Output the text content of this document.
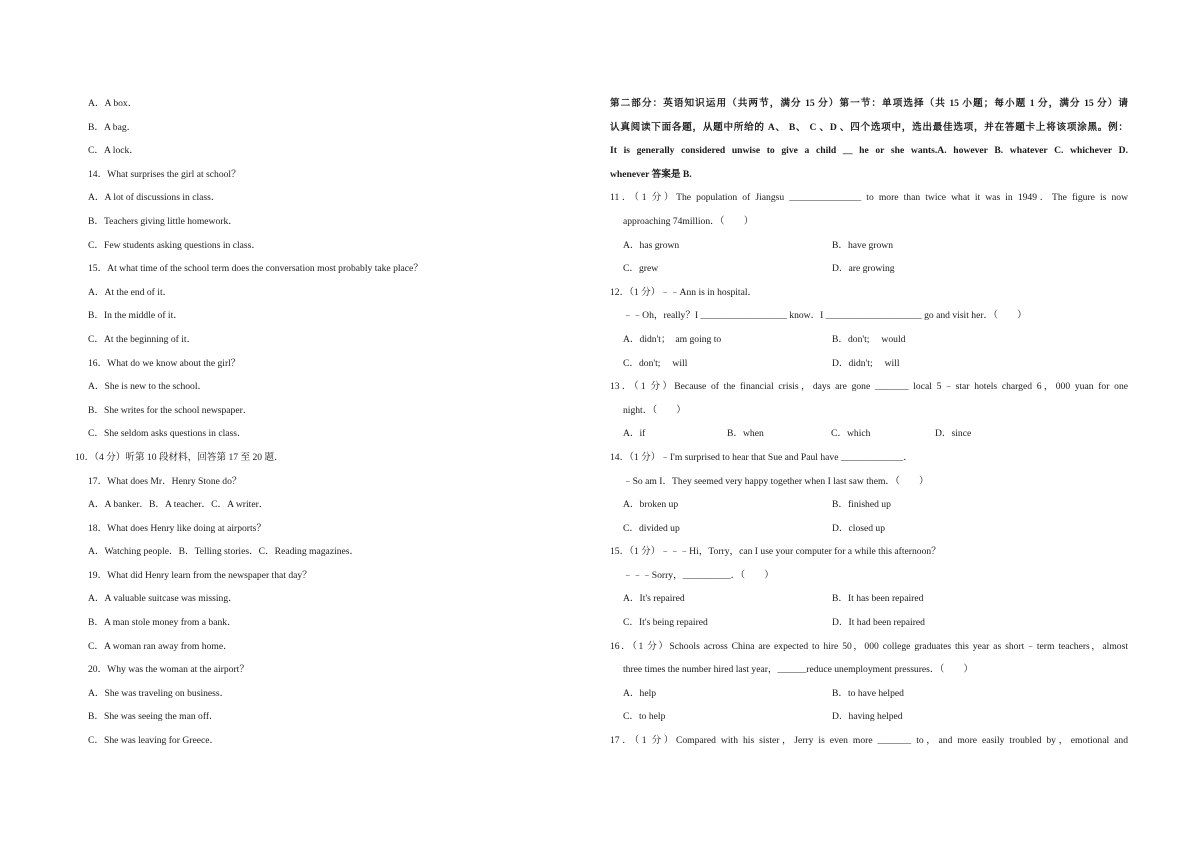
A．A box．
B．A bag．
C．A lock．
14．What surprises the girl at school？
A．A lot of discussions in class．
B．Teachers giving little homework．
C．Few students asking questions in class．
15．At what time of the school term does the conversation most probably take place？
A．At the end of it．
B．In the middle of it．
C．At the beginning of it．
16．What do we know about the girl？
A．She is new to the school．
B．She writes for the school newspaper．
C．She seldom asks questions in class．
10．（4 分）听第 10 段材料，回答第 17 至 20 题．
17．What does Mr．Henry Stone do？
A．A banker．B．A teacher．C．A writer．
18．What does Henry like doing at airports？
A．Watching people．B．Telling stories．C．Reading magazines．
19．What did Henry learn from the newspaper that day？
A．A valuable suitcase was missing．
B．A man stole money from a bank．
C．A woman ran away from home．
20．Why was the woman at the airport？
A．She was traveling on business．
B．She was seeing the man off．
C．She was leaving for Greece．
第二部分：英语知识运用（共两节，满分 15 分）第一节：单项选择（共 15 小题；每小题 1 分，满分 15 分）请
认真阅读下面各题，从题中所给的 A、 B、 C 、D 、四个选项中，选出最佳选项，并在答题卡上将该项涂黑。例：
It is generally considered unwise to give a child __ he or she wants.A. however B. whatever C. whichever D.
whenever 答案是 B.
11．（1 分）The population of Jiangsu _______________ to more than twice what it was in 1949．The figure is now
approaching 74million．（　　）
A．has grown	B．have grown
C．grew	D．are growing
12．（1 分）﹣﹣Ann is in hospital．
﹣﹣Oh，really？I __________________ know．I ____________________ go and visit her．（　　）
A．didn't；　am going to	B．don't;　 would
C．don't;　 will	D．didn't;　 will
13．（1 分）Because of the financial crisis，days are gone _______ local 5﹣star hotels charged 6，000 yuan for one
night．（　　）
A．if	B．when	C．which	D．since
14．（1 分）﹣I'm surprised to hear that Sue and Paul have _____________．
﹣So am I．They seemed very happy together when I last saw them．（　　）
A．broken up	B．finished up
C．divided up	D．closed up
15．（1 分）﹣﹣﹣Hi，Torry，can I use your computer for a while this afternoon？
﹣﹣﹣Sorry，__________．（　　）
A．It's repaired	B．It has been repaired
C．It's being repaired	D．It had been repaired
16．（1 分）Schools across China are expected to hire 50，000 college graduates this year as short﹣term teachers，almost
three times the number hired last year，______reduce unemployment pressures．（　　）
A．help	B．to have helped
C．to help	D．having helped
17．（1 分）Compared with his sister，Jerry is even more _______ to，and more easily troubled by，emotional and
